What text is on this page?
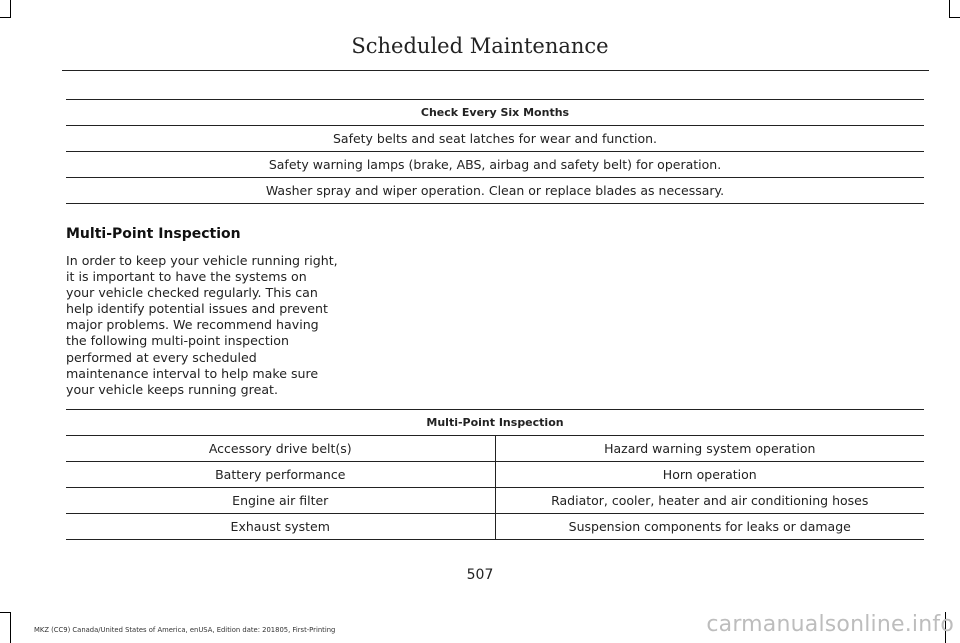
Scheduled Maintenance
Check Every Six Months
Safety belts and seat latches for wear and function.
Safety warning lamps (brake, ABS, airbag and safety belt) for operation.
Washer spray and wiper operation. Clean or replace blades as necessary.
Multi-Point Inspection

In order to keep your vehicle running right, it is important to have the systems on your vehicle checked regularly. This can help identify potential issues and prevent major problems. We recommend having the following multi-point inspection performed at every scheduled maintenance interval to help make sure your vehicle keeps running great.

Multi-Point Inspection	
Accessory drive belt(s)	Hazard warning system operation
Battery performance	Horn operation
Engine air filter	Radiator, cooler, heater and air conditioning hoses
Exhaust system	Suspension components for leaks or damage
507
MKZ (CC9) Canada/United States of America, enUSA, Edition date: 201805, First-Printing	carmanualsonline.info
